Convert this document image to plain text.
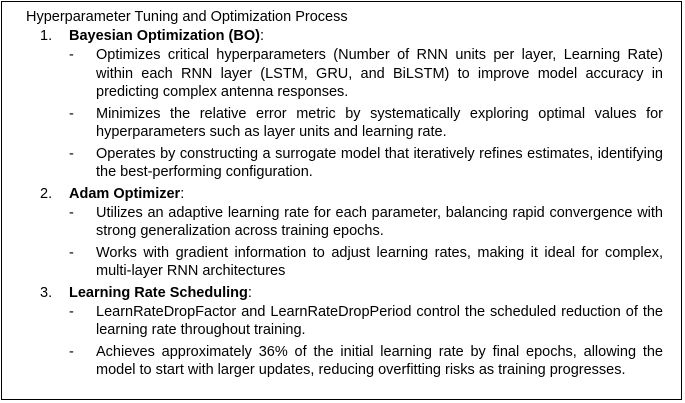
Hyperparameter Tuning and Optimization Process
1.	Bayesian Optimization (BO) :
- Optimizes critical hyperparameters (Number of RNN units per layer, Learning Rate) within each RNN layer (LSTM, GRU, and BiLSTM) to improve model accuracy in predicting complex antenna responses.
- Minimizes the relative error metric by systematically exploring optimal values for hyperparameters such as layer units and learning rate.
- Operates by constructing a surrogate model that iteratively refines estimates, identifying the best-performing configuration.
2.	Adam Optimizer :
- Utilizes an adaptive learning rate for each parameter, balancing rapid convergence with strong generalization across training epochs.
- Works with gradient information to adjust learning rates, making it ideal for complex, multi-layer RNN architectures
3.	Learning Rate Scheduling :
- LearnRateDropFactor and LearnRateDropPeriod control the scheduled reduction of the learning rate throughout training.
- Achieves approximately 36% of the initial learning rate by final epochs, allowing the model to start with larger updates, reducing overfitting risks as training progresses.
